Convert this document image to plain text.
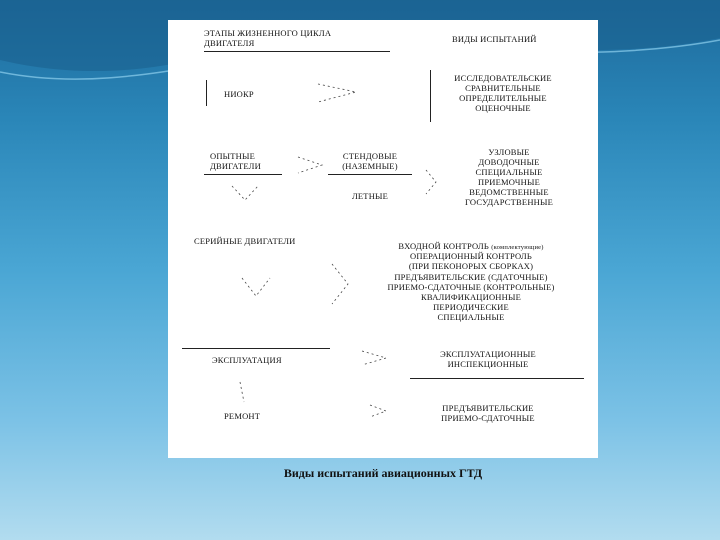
ЭТАПЫ ЖИЗНЕННОГО ЦИКЛА
ДВИГАТЕЛЯ	ВИДЫ ИСПЫТАНИЙ
НИОКР
ИССЛЕДОВАТЕЛЬСКИЕ
СРАВНИТЕЛЬНЫЕ
ОПРЕДЕЛИТЕЛЬНЫЕ
ОЦЕНОЧНЫЕ
ОПЫТНЫЕ
ДВИГАТЕЛИ
СТЕНДОВЫЕ
(НАЗЕМНЫЕ)
ЛЕТНЫЕ
УЗЛОВЫЕ
ДОВОДОЧНЫЕ
СПЕЦИАЛЬНЫЕ
ПРИЕМОЧНЫЕ
ВЕДОМСТВЕННЫЕ
ГОСУДАРСТВЕННЫЕ
СЕРИЙНЫЕ ДВИГАТЕЛИ	ВХОДНОЙ КОНТРОЛЬ (комплектующие)
ОПЕРАЦИОННЫЙ КОНТРОЛЬ
(ПРИ ПЕКОНОРЫХ СБОРКАХ)
ПРЕДЪЯВИТЕЛЬСКИЕ (СДАТОЧНЫЕ)
ПРИЕМО-СДАТОЧНЫЕ (КОНТРОЛЬНЫЕ)
КВАЛИФИКАЦИОННЫЕ
ПЕРИОДИЧЕСКИЕ
СПЕЦИАЛЬНЫЕ
ЭКСПЛУАТАЦИЯ
ЭКСПЛУАТАЦИОННЫЕ
ИНСПЕКЦИОННЫЕ
РЕМОНТ
ПРЕДЪЯВИТЕЛЬСКИЕ
ПРИЕМО-СДАТОЧНЫЕ
Виды испытаний авиационных ГТД
